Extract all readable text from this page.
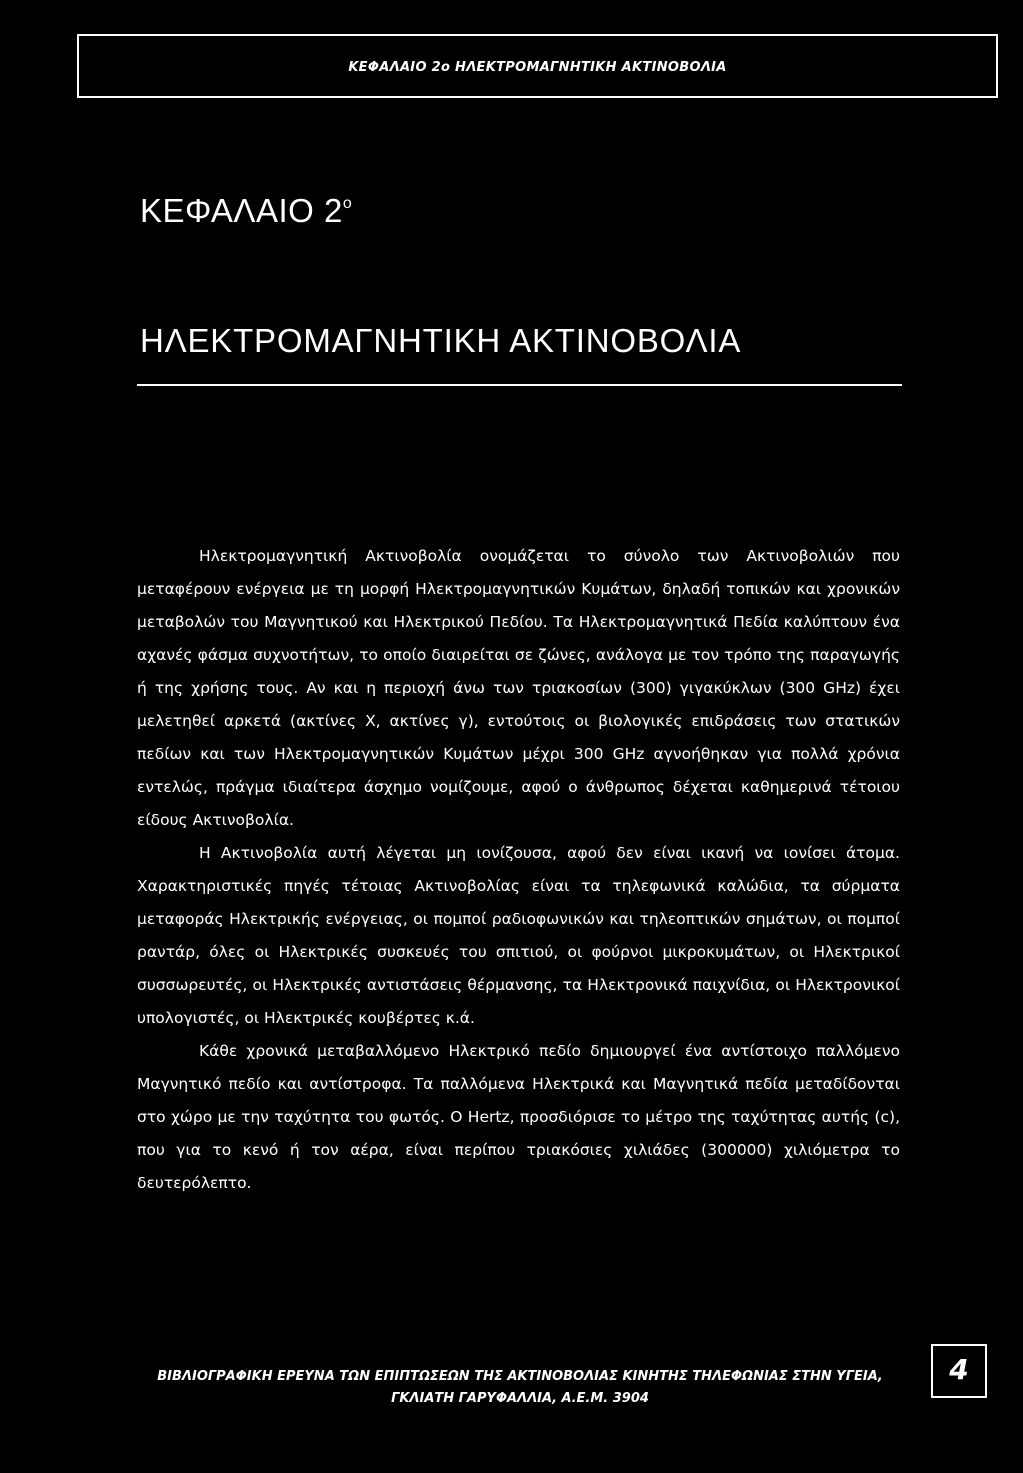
ΚΕΦΑΛΑΙΟ 2ο ΗΛΕΚΤΡΟΜΑΓΝΗΤΙΚΗ ΑΚΤΙΝΟΒΟΛΙΑ
ΚΕΦΑΛΑΙΟ $2^o$
ΗΛΕΚΤΡΟΜΑΓΝΗΤΙΚΗ ΑΚΤΙΝΟΒΟΛΙΑ

Ηλεκτρομαγνητική Ακτινοβολία ονομάζεται το σύνολο των Ακτινοβολιών που μεταφέρουν ενέργεια με τη μορφή Ηλεκτρομαγνητικών Κυμάτων, δηλαδή τοπικών και χρονικών μεταβολών του Μαγνητικού και Ηλεκτρικού Πεδίου. Τα Ηλεκτρομαγνητικά Πεδία καλύπτουν ένα αχανές φάσμα συχνοτήτων, το οποίο διαιρείται σε ζώνες, ανάλογα με τον τρόπο της παραγωγής ή της χρήσης τους. Αν και η περιοχή άνω των τριακοσίων (300) γιγακύκλων (300 GHz) έχει μελετηθεί αρκετά (ακτίνες X, ακτίνες γ), εντούτοις οι βιολογικές επιδράσεις των στατικών πεδίων και των Ηλεκτρομαγνητικών Κυμάτων μέχρι 300 GHz αγνοήθηκαν για πολλά χρόνια εντελώς, πράγμα ιδιαίτερα άσχημο νομίζουμε, αφού ο άνθρωπος δέχεται καθημερινά τέτοιου είδους Ακτινοβολία.

Η Ακτινοβολία αυτή λέγεται μη ιονίζουσα, αφού δεν είναι ικανή να ιονίσει άτομα. Χαρακτηριστικές πηγές τέτοιας Ακτινοβολίας είναι τα τηλεφωνικά καλώδια, τα σύρματα μεταφοράς Ηλεκτρικής ενέργειας, οι πομποί ραδιοφωνικών και τηλεοπτικών σημάτων, οι πομποί ραντάρ, όλες οι Ηλεκτρικές συσκευές του σπιτιού, οι φούρνοι μικροκυμάτων, οι Ηλεκτρικοί συσσωρευτές, οι Ηλεκτρικές αντιστάσεις θέρμανσης, τα Ηλεκτρονικά παιχνίδια, οι Ηλεκτρονικοί υπολογιστές, οι Ηλεκτρικές κουβέρτες κ.ά.

Κάθε χρονικά μεταβαλλόμενο Ηλεκτρικό πεδίο δημιουργεί ένα αντίστοιχο παλλόμενο Μαγνητικό πεδίο και αντίστροφα. Τα παλλόμενα Ηλεκτρικά και Μαγνητικά πεδία μεταδίδονται στο χώρο με την ταχύτητα του φωτός. Ο Hertz, προσδιόρισε το μέτρο της ταχύτητας αυτής (c), που για το κενό ή τον αέρα, είναι περίπου τριακόσιες χιλιάδες (300000) χιλιόμετρα το δευτερόλεπτο.

ΒΙΒΛΙΟΓΡΑΦΙΚΗ ΕΡΕΥΝΑ ΤΩΝ ΕΠΙΠΤΩΣΕΩΝ ΤΗΣ ΑΚΤΙΝΟΒΟΛΙΑΣ ΚΙΝΗΤΗΣ ΤΗΛΕΦΩΝΙΑΣ ΣΤΗΝ ΥΓΕΙΑ,
ΓΚΛΙΑΤΗ ΓΑΡΥΦΑΛΛΙΑ, Α.Ε.Μ. 3904
4
